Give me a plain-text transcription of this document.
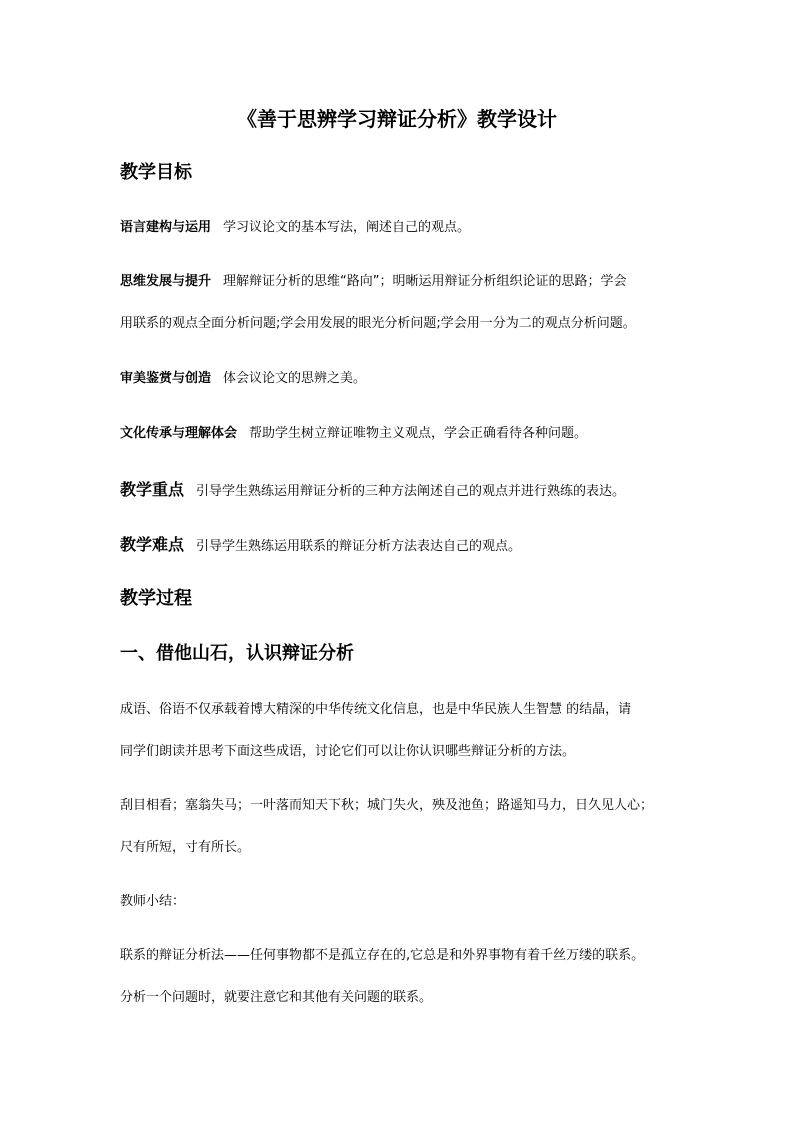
《善于思辨学习辩证分析》教学设计
教学目标

语言建构与运用 学习议论文的基本写法，阐述自己的观点。

思维发展与提升 理解辩证分析的思维“路向”；明晰运用辩证分析组织论证的思路；学会

用联系的观点全面分析问题;学会用发展的眼光分析问题;学会用一分为二的观点分析问题。

审美鉴赏与创造 体会议论文的思辨之美。

文化传承与理解体会 帮助学生树立辩证唯物主义观点，学会正确看待各种问题。

教学重点 引导学生熟练运用辩证分析的三种方法阐述自己的观点并进行熟练的表达。

教学难点 引导学生熟练运用联系的辩证分析方法表达自己的观点。

教学过程
一、借他山石，认识辩证分析

成语、俗语不仅承载着博大精深的中华传统文化信息，也是中华民族人生智慧 的结晶，请

同学们朗读并思考下面这些成语，讨论它们可以让你认识哪些辩证分析的方法。

刮目相看；塞翁失马；一叶落而知天下秋；城门失火，殃及池鱼；路遥知马力，日久见人心；

尺有所短，寸有所长。

教师小结：

联系的辩证分析法——任何事物都不是孤立存在的,它总是和外界事物有着千丝万缕的联系。

分析一个问题时，就要注意它和其他有关问题的联系。
